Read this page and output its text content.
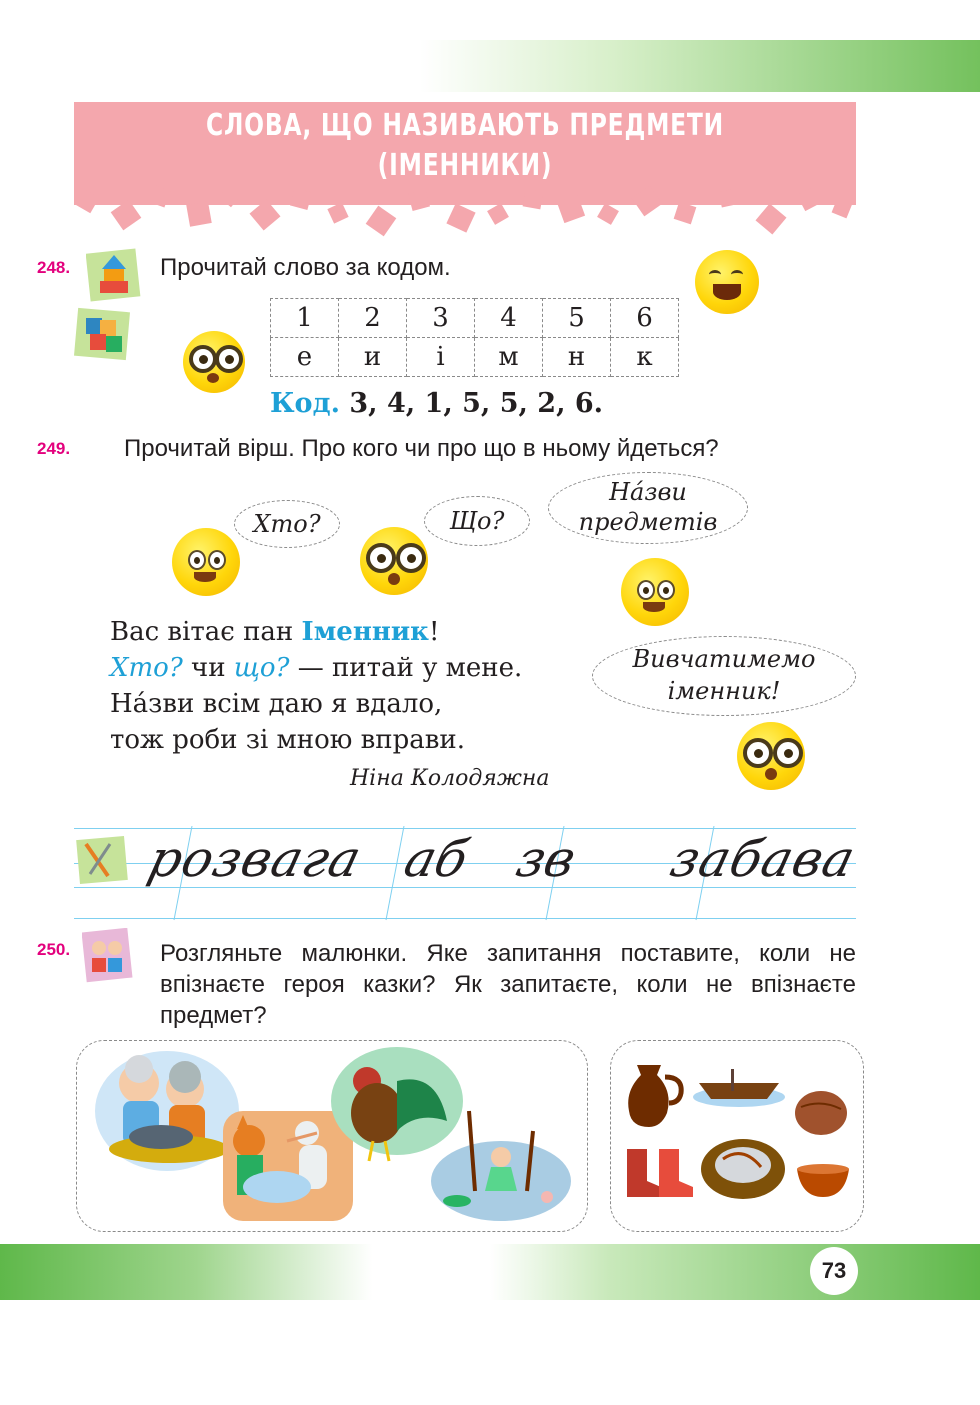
СЛОВА, ЩО НАЗИВАЮТЬ ПРЕДМЕТИ
(ІМЕННИКИ)
248.	Прочитай слово за кодом.
1	2	3	4	5	6
е	и	і	м	н	к
Код. 3, 4, 1, 5, 5, 2, 6.
249. Прочитай вірш. Про кого чи про що в ньому йдеться?
Хто?	Що?
На́зви
предметів
Вивчатимемо
іменник!
Вас вітає пан Іменник!
Хто? чи що? — питай у мене.
На́зви всім даю я вдало,
тож роби зі мною вправи.
Ніна Колодяжна
розвага аб зв забава
250.	Розгляньте малюнки. Яке запитання поставите, коли не впізнаєте героя казки? Як запитаєте, коли не впізнаєте предмет?
73
